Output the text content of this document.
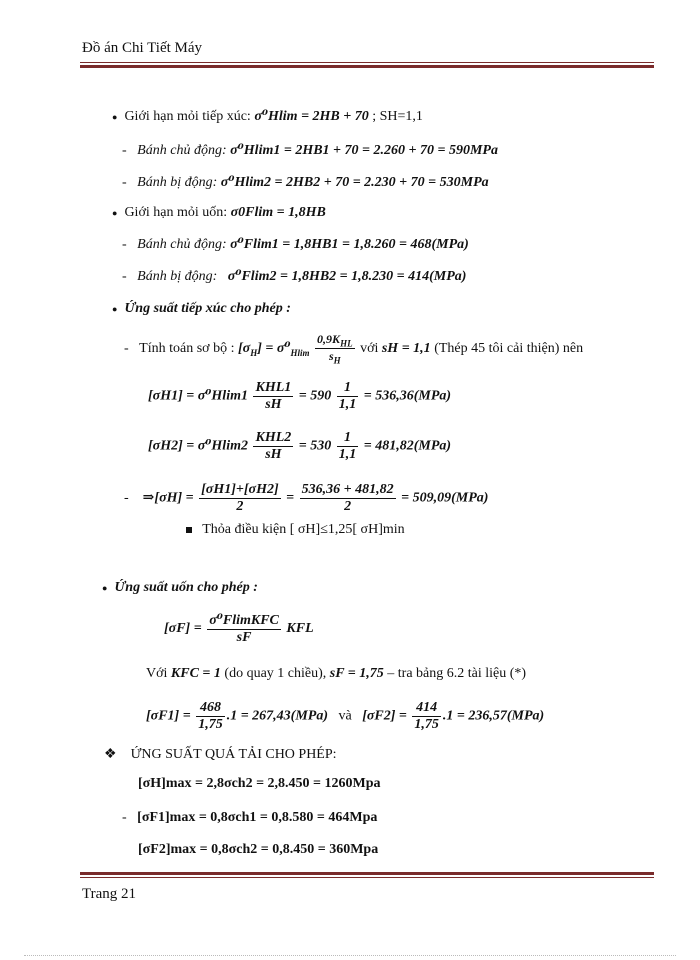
Đồ án Chi Tiết Máy
● Giới hạn mỏi tiếp xúc: σ⁰Hlim = 2HB + 70 ; SH=1,1
-   Bánh chủ động: σ⁰Hlim1 = 2HB1 + 70 = 2.260 + 70 = 590MPa
-   Bánh bị động: σ⁰Hlim2 = 2HB2 + 70 = 2.230 + 70 = 530MPa
● Giới hạn mỏi uốn: σ0Flim = 1,8HB
-   Bánh chủ động: σ⁰Flim1 = 1,8HB1 = 1,8.260 = 468(MPa)
-   Bánh bị động: σ⁰Flim2 = 1,8HB2 = 1,8.230 = 414(MPa)
● Ứng suất tiếp xúc cho phép :
-   Tính toán sơ bộ : $[\sigma_H] = \sigma^0_{Hlim} \frac{0,9K_{HL}}{s_H}$ với sH = 1,1 (Thép 45 tôi cải thiện) nên
$[\sigma H1] = \sigma^0Hlim1 \frac{\text{KHL1}}{sH} = 590 \frac{1}{1,1} = 536,36(MPa)$
$[\sigma H2] = \sigma^0Hlim2 \frac{\text{KHL2}}{sH} = 530 \frac{1}{1,1} = 481,82(MPa)$
-    ⇒[σH] = $\frac{[\sigma H1]+[\sigma H2]}{2} = \frac{536,36 + 481,82}{2} = 509,09(MPa)$
Thỏa điều kiện [ σH]≤1,25[ σH]min
● Ứng suất uốn cho phép :
$[\sigma F] = \frac{\text{σ⁰FlimKFC}}{sF}$ KFL
Với KFC = 1 (do quay 1 chiều), sF = 1,75 – tra bảng 6.2 tài liệu (*)
$[\sigma F1] = \frac{468}{1,75} .1 = 267,43(MPa)$ và $[\sigma F2] = \frac{414}{1,75} .1 = 236,57(MPa)$
❖ ỨNG SUẤT QUÁ TẢI CHO PHÉP:
[σH]max = 2,8σch2 = 2,8.450 = 1260Mpa
-   [σF1]max = 0,8σch1 = 0,8.580 = 464Mpa
[σF2]max = 0,8σch2 = 0,8.450 = 360Mpa
Trang 21
